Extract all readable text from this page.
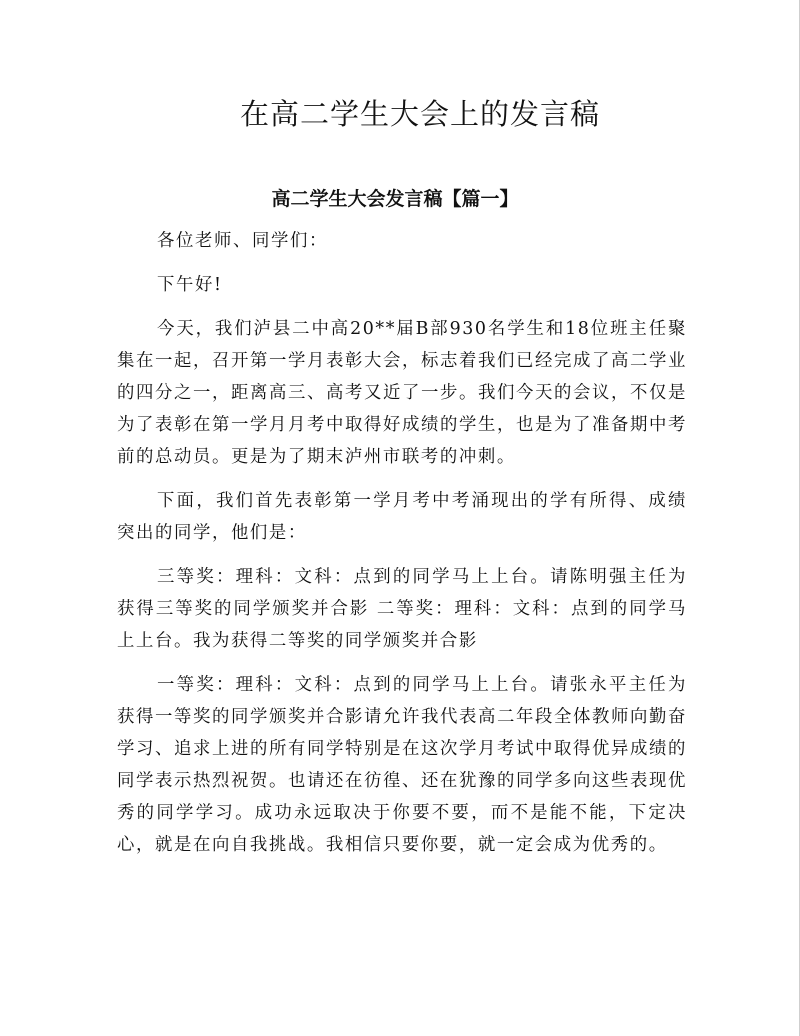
在高二学生大会上的发言稿
高二学生大会发言稿【篇一】

各位老师、同学们：

下午好!

今天，我们泸县二中高20**届B部930名学生和18位班主任聚集在一起，召开第一学月表彰大会，标志着我们已经完成了高二学业的四分之一，距离高三、高考又近了一步。我们今天的会议，不仅是为了表彰在第一学月月考中取得好成绩的学生，也是为了准备期中考前的总动员。更是为了期末泸州市联考的冲刺。

下面，我们首先表彰第一学月考中考涌现出的学有所得、成绩突出的同学，他们是：

三等奖：理科：文科：点到的同学马上上台。请陈明强主任为获得三等奖的同学颁奖并合影 二等奖：理科：文科：点到的同学马上上台。我为获得二等奖的同学颁奖并合影

一等奖：理科：文科：点到的同学马上上台。请张永平主任为获得一等奖的同学颁奖并合影请允许我代表高二年段全体教师向勤奋学习、追求上进的所有同学特别是在这次学月考试中取得优异成绩的同学表示热烈祝贺。也请还在彷徨、还在犹豫的同学多向这些表现优秀的同学学习。成功永远取决于你要不要，而不是能不能，下定决心，就是在向自我挑战。我相信只要你要，就一定会成为优秀的。
